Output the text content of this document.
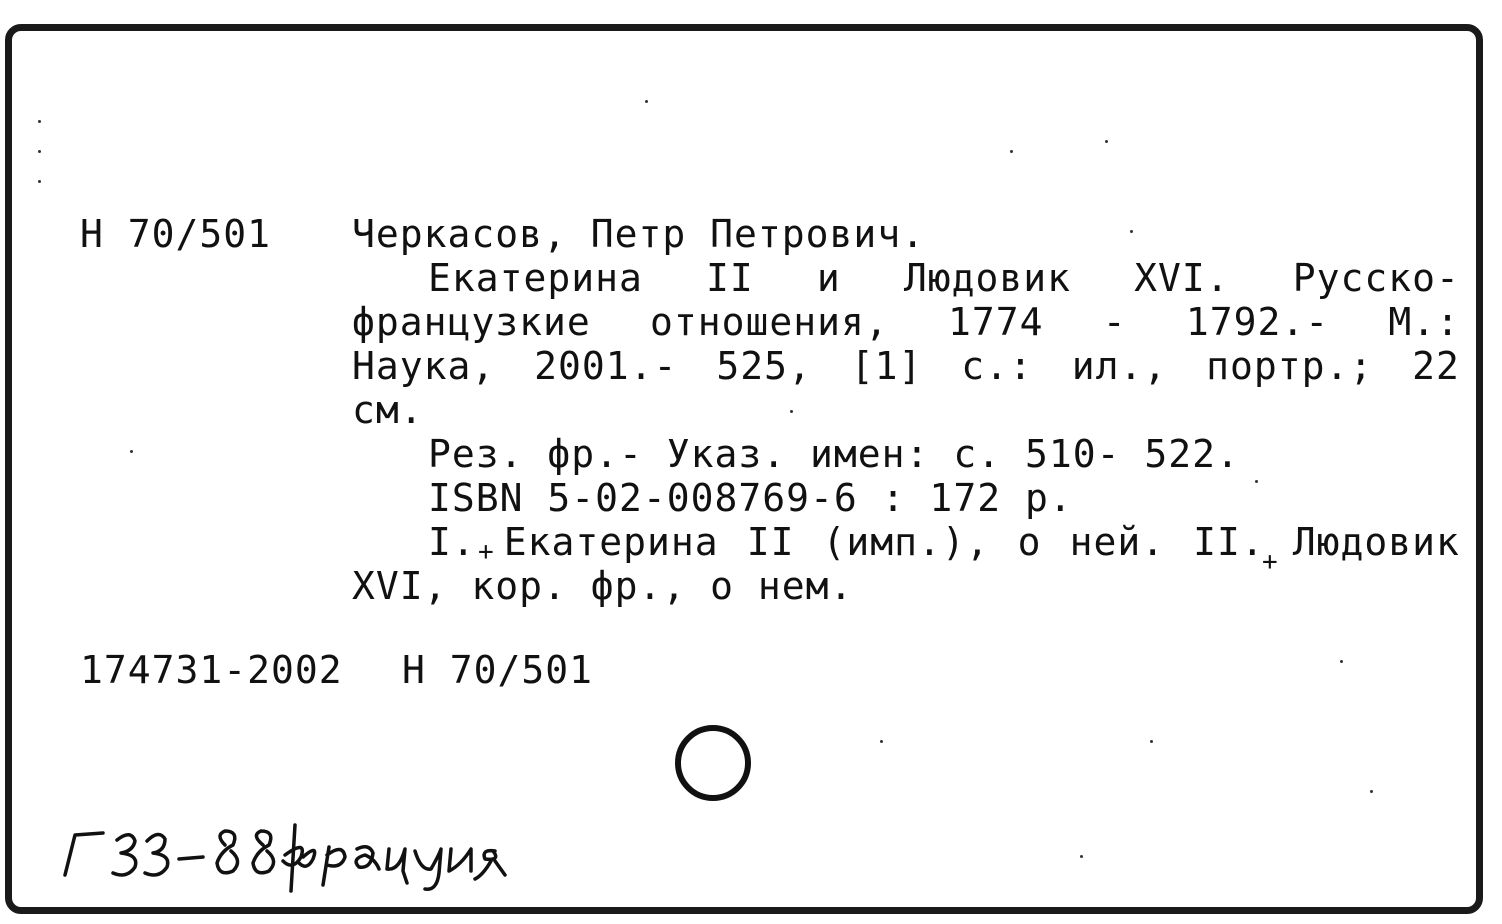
Н 70/501 Черкасов, Петр Петрович.
Екатерина II и Людовик XVI. Русско-
французкие отношения, 1774 - 1792.- М.:
Наука, 2001.- 525, [1] с.: ил., портр.; 22
см.
Рез. фр.- Указ. имен: с. 510- 522.
ISBN 5-02-008769-6 : 172 р.
I. Екатерина II (имп.), о ней. II. Людовик
XVI, кор. фр., о нем.
+	+
174731-2002 Н 70/501
